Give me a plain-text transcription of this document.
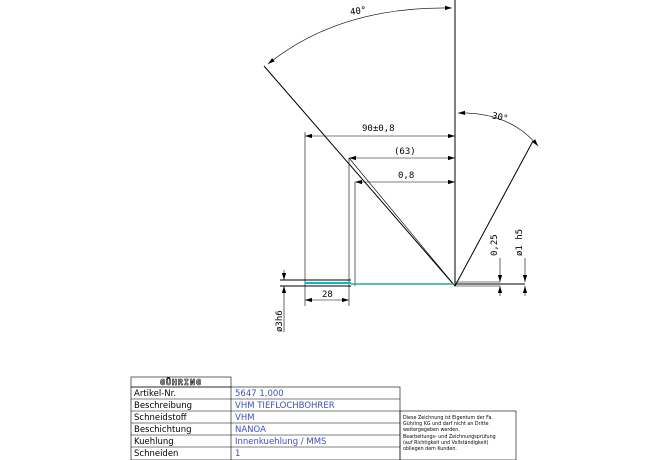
40°
30°
90±0,8
(63)
0,8
28
ø3h6
0,25 ø1 h5
GÜHRING
Artikel-Nr.	5647 1,000
Beschreibung	VHM TIEFLOCHBOHRER
Schneidstoff	VHM
Beschichtung	NANOA
Kuehlung	Innenkuehlung / MMS
Schneiden	1
Diese Zeichnung ist Eigentum der Fa.
Gühring KG und darf nicht an Dritte
weitergegeben werden.
Bearbeitungs- und Zeichnungsprüfung
(auf Richtigkeit und Vollständigkeit)
obliegen dem Kunden.
